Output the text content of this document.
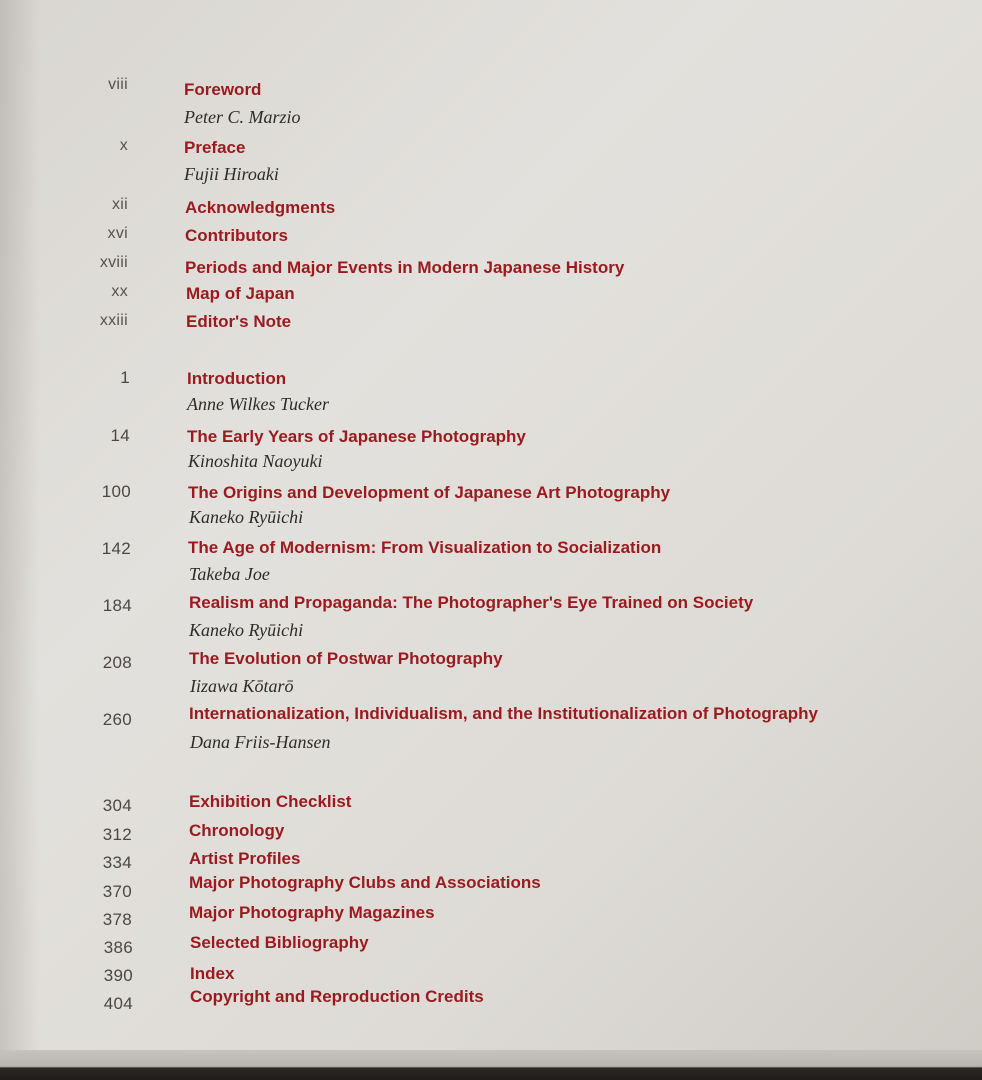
viii	Foreword
Peter C. Marzio
x	Preface
Fujii Hiroaki
xii	Acknowledgments
xvi	Contributors
xviii	Periods and Major Events in Modern Japanese History
xx	Map of Japan
xxiii	Editor's Note
1	Introduction
Anne Wilkes Tucker
14	The Early Years of Japanese Photography
Kinoshita Naoyuki
100	The Origins and Development of Japanese Art Photography
Kaneko Ryūichi
142	The Age of Modernism: From Visualization to Socialization
Takeba Joe
184	Realism and Propaganda: The Photographer's Eye Trained on Society
Kaneko Ryūichi
208	The Evolution of Postwar Photography
Iizawa Kōtarō
260	Internationalization, Individualism, and the Institutionalization of Photography
Dana Friis-Hansen
304	Exhibition Checklist
312	Chronology
334	Artist Profiles
370	Major Photography Clubs and Associations
378	Major Photography Magazines
386	Selected Bibliography
390	Index
404	Copyright and Reproduction Credits
